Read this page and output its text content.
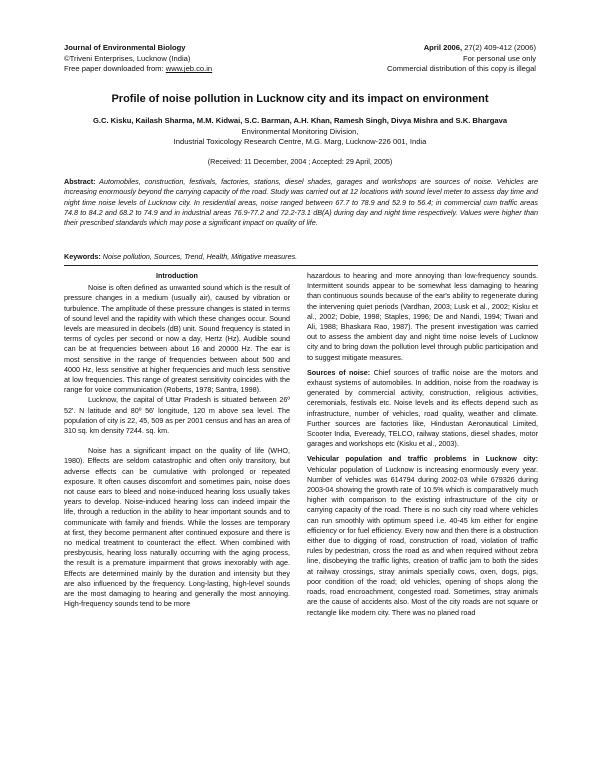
Journal of Environmental Biology
©Triveni Enterprises, Lucknow (India)
Free paper downloaded from: www.jeb.co.in
April 2006, 27(2) 409-412 (2006)
For personal use only
Commercial distribution of this copy is illegal
Profile of noise pollution in Lucknow city and its impact on environment
G.C. Kisku, Kailash Sharma, M.M. Kidwai, S.C. Barman, A.H. Khan, Ramesh Singh, Divya Mishra and S.K. Bhargava
Environmental Monitoring Division,
Industrial Toxicology Research Centre, M.G. Marg, Lucknow-226 001, India
(Received: 11 December, 2004 ; Accepted: 29 April, 2005)
Abstract: Automobiles, construction, festivals, factories, stations, diesel shades, garages and workshops are sources of noise. Vehicles are increasing enormously beyond the carrying capacity of the road. Study was carried out at 12 locations with sound level meter to assess day time and night time noise levels of Lucknow city. In residential areas, noise ranged between 67.7 to 78.9 and 52.9 to 56.4; in commercial cum traffic areas 74.8 to 84.2 and 68.2 to 74.9 and in industrial areas 76.9-77.2 and 72.2-73.1 dB(A) during day and night time respectively. Values were higher than their prescribed standards which may pose a significant impact on quality of life.
Keywords: Noise pollution, Sources, Trend, Health, Mitigative measures.

Introduction

Noise is often defined as unwanted sound which is the result of pressure changes in a medium (usually air), caused by vibration or turbulence. The amplitude of these pressure changes is stated in terms of sound level and the rapidity with which these changes occur. Sound levels are measured in decibels (dB) unit. Sound frequency is stated in terms of cycles per second or now a day, Hertz (Hz). Audible sound can be at frequencies between about 16 and 20000 Hz. The ear is most sensitive in the range of frequencies between about 500 and 4000 Hz, less sensitive at higher frequencies and much less sensitive at low frequencies. This range of greatest sensitivity coincides with the range for voice communication (Roberts, 1978; Santra, 1998).

Lucknow, the capital of Uttar Pradesh is situated between 26º 52'. N latitude and 80º 56' longitude, 120 m above sea level. The population of city is 22, 45, 509 as per 2001 census and has an area of 310 sq. km density 7244. sq. km.

Noise has a significant impact on the quality of life (WHO, 1980). Effects are seldom catastrophic and often only transitory, but adverse effects can be cumulative with prolonged or repeated exposure. It often causes discomfort and sometimes pain, noise does not cause ears to bleed and noise-induced hearing loss usually takes years to develop. Noise-induced hearing loss can indeed impair the life, through a reduction in the ability to hear important sounds and to communicate with family and friends. While the losses are temporary at first, they become permanent after continued exposure and there is no medical treatment to counteract the effect. When combined with presbycusis, hearing loss naturally occurring with the aging process, the result is a premature impairment that grows inexorably with age. Effects are determined mainly by the duration and intensity but they are also influenced by the frequency. Long-lasting, high-level sounds are the most damaging to hearing and generally the most annoying. High-frequency sounds tend to be more

hazardous to hearing and more annoying than low-frequency sounds. Intermittent sounds appear to be somewhat less damaging to hearing than continuous sounds because of the ear's ability to regenerate during the intervening quiet periods (Vardhan, 2003; Lusk et al., 2002; Kisku et al., 2002; Dobie, 1998; Staples, 1996; De and Nandi, 1994; Tiwari and Ali, 1988; Bhaskara Rao, 1987). The present investigation was carried out to assess the ambient day and night time noise levels of Lucknow city and to bring down the pollution level through public participation and to suggest mitigate measures.

Sources of noise: Chief sources of traffic noise are the motors and exhaust systems of automobiles. In addition, noise from the roadway is generated by commercial activity, construction, religious activities, ceremonials, festivals etc. Noise levels and its effects depend such as infrastructure, number of vehicles, road quality, weather and climate. Further sources are factories like, Hindustan Aeronautical Limited, Scooter India, Eveready, TELCO, railway stations, diesel shades, motor garages and workshops etc (Kisku et al., 2003).

Vehicular population and traffic problems in Lucknow city: Vehicular population of Lucknow is increasing enormously every year. Number of vehicles was 614794 during 2002-03 while 679326 during 2003-04 showing the growth rate of 10.5% which is comparatively much higher with comparison to the existing infrastructure of the city or carrying capacity of the road. There is no such city road where vehicles can run smoothly with optimum speed i.e. 40-45 km either for engine efficiency or for fuel efficiency. Every now and then there is a obstruction either due to digging of road, construction of road, violation of traffic rules by pedestrian, cross the road as and when required without zebra line, disobeying the traffic lights, creation of traffic jam to both the sides at railway crossings, stray animals specially cows, oxen, dogs, pigs, poor condition of the road; old vehicles, opening of shops along the roads, road encroachment, congested road. Sometimes, stray animals are the cause of accidents also. Most of the city roads are not square or rectangle like modern city. There was no planed road
